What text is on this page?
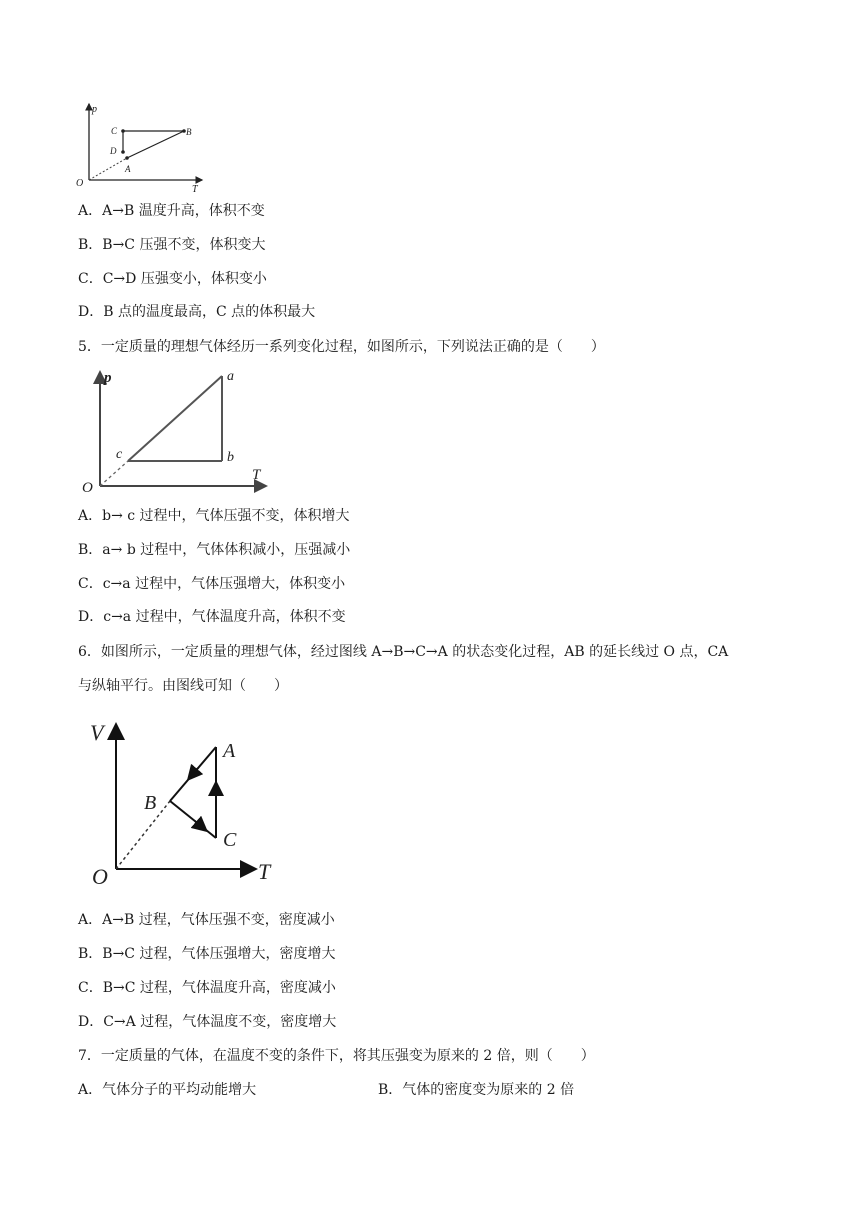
p
T
O
C
D
A
B
A．A→B 温度升高，体积不变
B．B→C 压强不变，体积变大
C．C→D 压强变小，体积变小
D．B 点的温度最高，C 点的体积最大
5．一定质量的理想气体经历一系列变化过程，如图所示，下列说法正确的是（　　）
p
T
O
a
b
c
A．b→ c 过程中，气体压强不变，体积增大
B．a→ b 过程中，气体体积减小，压强减小
C．c→a 过程中，气体压强增大，体积变小
D．c→a 过程中，气体温度升高，体积不变
6．如图所示，一定质量的理想气体，经过图线 A→B→C→A 的状态变化过程，AB 的延长线过 O 点，CA
与纵轴平行。由图线可知（　　）
V
T
O
A
B
C
A．A→B 过程，气体压强不变，密度减小
B．B→C 过程，气体压强增大，密度增大
C．B→C 过程，气体温度升高，密度减小
D．C→A 过程，气体温度不变，密度增大
7．一定质量的气体，在温度不变的条件下，将其压强变为原来的 2 倍，则（　　）
A．气体分子的平均动能增大	B．气体的密度变为原来的 2 倍
